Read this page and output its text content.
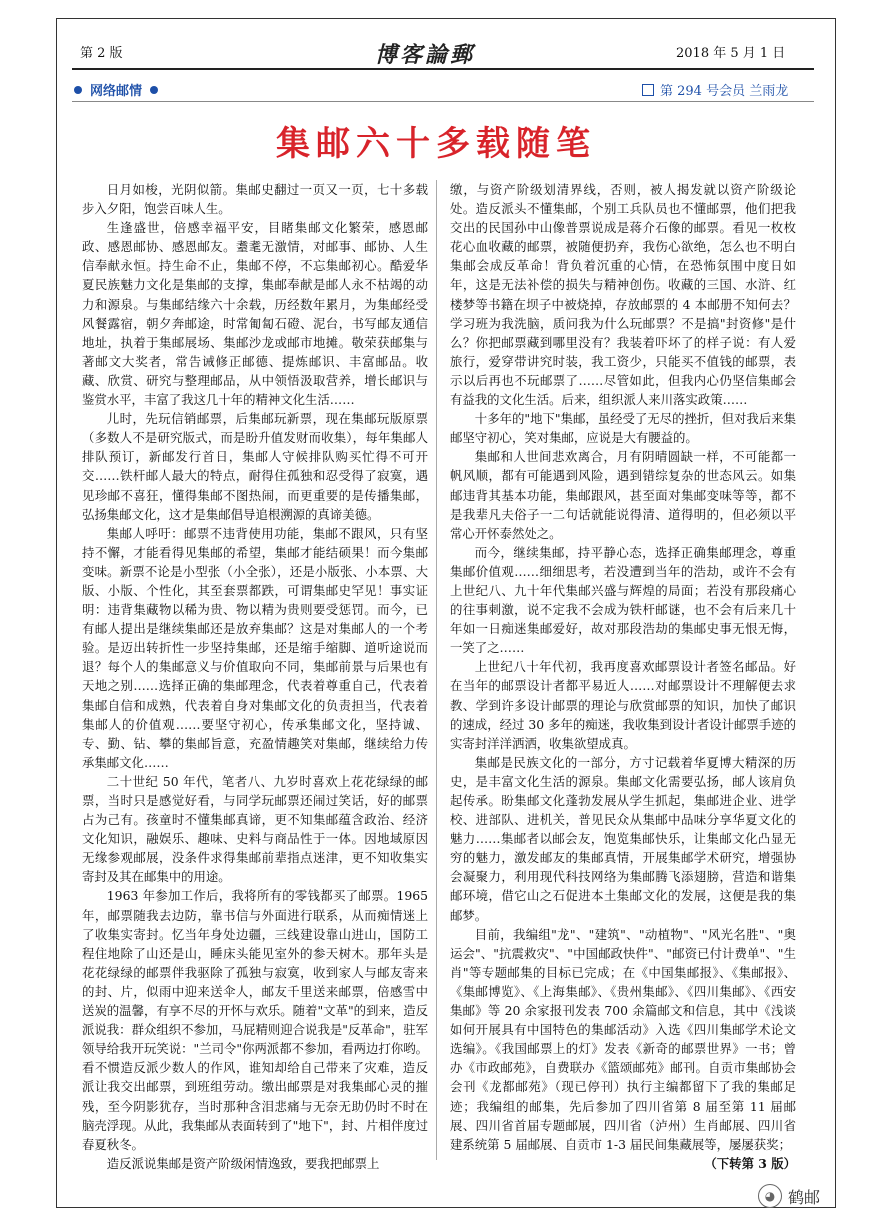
第 2 版	博客論郵	2018 年 5 月 1 日
网络邮情	第 294 号会员 兰雨龙
集邮六十多载随笔

日月如梭，光阴似箭。集邮史翻过一页又一页，七十多载步入夕阳，饱尝百味人生。

生逢盛世，倍感幸福平安，目睹集邮文化繁荣，感恩邮政、感恩邮协、感恩邮友。耋耄无激情，对邮事、邮协、人生信奉献永恒。持生命不止，集邮不停，不忘集邮初心。酷爱华夏民族魅力文化是集邮的支撑，集邮奉献是邮人永不枯竭的动力和源泉。与集邮结缘六十余载，历经数年累月，为集邮经受风餐露宿，朝夕奔邮途，时常匍匐石磴、泥台，书写邮友通信地址，执着于集邮展场、集邮沙龙或邮市地摊。敬荣获邮集与著邮文大奖者，常告诫修正邮德、提炼邮识、丰富邮品。收藏、欣赏、研究与整理邮品，从中领悟汲取营养，增长邮识与鉴赏水平，丰富了我这几十年的精神文化生活……

儿时，先玩信销邮票，后集邮玩新票，现在集邮玩版原票（多数人不是研究版式，而是盼升值发财而收集），每年集邮人排队预订，新邮发行首日，集邮人守候排队购买忙得不可开交……铁杆邮人最大的特点，耐得住孤独和忍受得了寂寞，遇见珍邮不喜狂，懂得集邮不图热闹，而更重要的是传播集邮，弘扬集邮文化，这才是集邮倡导追根溯源的真谛美德。

集邮人呼吁：邮票不违背使用功能，集邮不跟风，只有坚持不懈，才能看得见集邮的希望，集邮才能结硕果！而今集邮变味。新票不论是小型张（小全张），还是小版张、小本票、大版、小版、个性化，其至套票都跌，可谓集邮史罕见！事实证明：违背集藏物以稀为贵、物以精为贵则要受惩罚。而今，已有邮人提出是继续集邮还是放弃集邮？这是对集邮人的一个考验。是迈出转折性一步坚持集邮，还是缩手缩脚、道听途说而退？每个人的集邮意义与价值取向不同，集邮前景与后果也有天地之别……选择正确的集邮理念，代表着尊重自己，代表着集邮自信和成熟，代表着自身对集邮文化的负责担当，代表着集邮人的价值观……要坚守初心，传承集邮文化，坚持诚、专、勤、钻、攀的集邮旨意，充盈情趣笑对集邮，继续给力传承集邮文化……

二十世纪 50 年代，笔者八、九岁时喜欢上花花绿绿的邮票，当时只是感觉好看，与同学玩邮票还闹过笑话，好的邮票占为己有。孩童时不懂集邮真谛，更不知集邮蕴含政治、经济文化知识，融娱乐、趣味、史料与商品性于一体。因地域原因无缘参观邮展，没条件求得集邮前辈指点迷津，更不知收集实寄封及其在邮集中的用途。

1963 年参加工作后，我将所有的零钱都买了邮票。1965 年，邮票随我去边防，靠书信与外面进行联系，从而痴情迷上了收集实寄封。忆当年身处边疆，三线建设靠山进山，国防工程住地除了山还是山，睡床头能见室外的参天树木。那年头是花花绿绿的邮票伴我驱除了孤独与寂寞，收到家人与邮友寄来的封、片，似雨中迎来送伞人，邮友千里送来邮票，倍感雪中送炭的温馨，有享不尽的开怀与欢乐。随着"文革"的到来，造反派说我：群众组织不参加，马屁精则迎合说我是"反革命"，驻军领导给我开玩笑说："兰司令"你两派都不参加，看两边打你哟。看不惯造反派少数人的作风，谁知却给自己带来了灾难，造反派让我交出邮票，到班组劳动。缴出邮票是对我集邮心灵的摧残，至今阴影犹存，当时那种含泪悲痛与无奈无助仍时不时在脑壳浮现。从此，我集邮从表面转到了"地下"，封、片相伴度过春夏秋冬。

造反派说集邮是资产阶级闲情逸致，要我把邮票上

缴，与资产阶级划清界线，否则，被人揭发就以资产阶级论处。造反派头不懂集邮，个别工兵队员也不懂邮票，他们把我交出的民国孙中山像普票说成是蒋介石像的邮票。看见一枚枚花心血收藏的邮票，被随便扔弃，我伤心欲绝，怎么也不明白集邮会成反革命！背负着沉重的心情，在恐怖氛围中度日如年，这是无法补偿的损失与精神创伤。收藏的三国、水浒、红楼梦等书籍在坝子中被烧掉，存放邮票的 4 本邮册不知何去？学习班为我洗脑，质问我为什么玩邮票？不是搞"封资修"是什么？你把邮票藏到哪里没有？我装着吓坏了的样子说：有人爱旅行，爱穿带讲究时装，我工资少，只能买不值钱的邮票，表示以后再也不玩邮票了……尽管如此，但我内心仍坚信集邮会有益我的文化生活。后来，组织派人来川落实政策……

十多年的"地下"集邮，虽经受了无尽的挫折，但对我后来集邮坚守初心，笑对集邮，应说是大有腰益的。

集邮和人世间悲欢离合，月有阴晴圆缺一样，不可能都一帆风顺，都有可能遇到风险，遇到错综复杂的世态风云。如集邮违背其基本功能，集邮跟风，甚至面对集邮变味等等，都不是我辈凡夫俗子一二句话就能说得清、道得明的，但必须以平常心开怀泰然处之。

而今，继续集邮，持平静心态，选择正确集邮理念，尊重集邮价值观……细细思考，若没遭到当年的浩劫，或许不会有上世纪八、九十年代集邮兴盛与辉煌的局面；若没有那段痛心的往事刺激，说不定我不会成为铁杆邮谜，也不会有后来几十年如一日痴迷集邮爱好，故对那段浩劫的集邮史事无恨无悔，一笑了之……

上世纪八十年代初，我再度喜欢邮票设计者签名邮品。好在当年的邮票设计者都平易近人……对邮票设计不理解便去求教、学到许多设计邮票的理论与欣赏邮票的知识，加快了邮识的速成，经过 30 多年的痴迷，我收集到设计者设计邮票手迹的实寄封洋洋洒洒，收集欲望成真。

集邮是民族文化的一部分，方寸记载着华夏博大精深的历史，是丰富文化生活的源泉。集邮文化需要弘扬，邮人该肩负起传承。盼集邮文化蓬勃发展从学生抓起，集邮进企业、进学校、进部队、进机关，普见民众从集邮中品味分享华夏文化的魅力……集邮者以邮会友，饱览集邮快乐，让集邮文化凸显无穷的魅力，激发邮友的集邮真情，开展集邮学术研究，增强协会凝聚力，利用现代科技网络为集邮腾飞添翅膀，营造和谐集邮环境，借它山之石促进本土集邮文化的发展，这便是我的集邮梦。

目前，我编组"龙"、"建筑"、"动植物"、"风光名胜"、"奥运会"、"抗震救灾"、"中国邮政快件"、"邮资已付计费单"、"生肖"等专题邮集的目标已完成；在《中国集邮报》、《集邮报》、《集邮博览》、《上海集邮》、《贵州集邮》、《四川集邮》、《西安集邮》等 20 余家报刊发表 700 余篇邮文和信息，其中《浅谈如何开展具有中国特色的集邮活动》入选《四川集邮学术论文选编》。《我国邮票上的灯》发表《新奇的邮票世界》一书；曾办《市政邮苑》，自费联办《篮颂邮苑》邮刊。自贡市集邮协会会刊《龙都邮苑》（现已停刊）执行主编都留下了我的集邮足迹；我编组的邮集，先后参加了四川省第 8 届至第 11 届邮展、四川省首届专题邮展，四川省（泸州）生肖邮展、四川省建系统第 5 届邮展、自贡市 1-3 届民间集藏展等，屡屡获奖；

（下转第 3 版）

◕ 鹤邮
